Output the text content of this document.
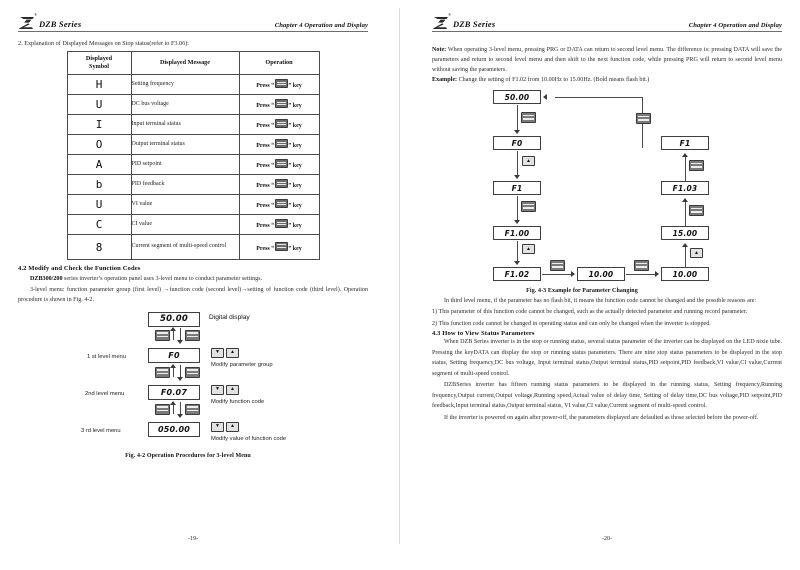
®
DZB Series	Chapter 4 Operation and Display
2. Explanation of Displayed Messages on Stop status(refer to F3.06):
Displayed
Symbol	Displayed Message	Operation
H	Setting frequency	Press “ ” key
U	DC bus voltage	Press “ ” key
I	Input terminal status	Press “ ” key
O	Output terminal status	Press “ ” key
A	PID setpoint	Press “ ” key
b	PID feedback	Press “ ” key
U	VI value	Press “ ” key
C	CI value	Press “ ” key
8	Current segment of multi-speed control	Press “ ” key
4.2 Modify and Check the Function Codes
DZB300/200 series inverter’s operation panel uses 3-level menu to conduct parameter settings.
3-level menu: function parameter group (first level) →function code (second level)→setting of function code (third level). Operation procedure is shown in Fig. 4-2.
50.00	Digital display
1 st level menu	F0	▼	▲
Modify parameter group
2nd level menu	F0.07	▼	▲
Modify function code
3 rd level menu	050.00	▼	▲
Modify value of function code
Fig. 4-2 Operation Procedures for 3-level Menu
-19-
®
DZB Series	Chapter 4 Operation and Display
Note: When operating 3-level menu, pressing PRG or DATA can return to second level menu. The difference is: pressing DATA will save the parameters and return to second level menu and then shift to the next function code, while pressing PRG will return to second level menu without saving the parameters.
Example: Change the setting of F1.02 from 10.00Hz to 15.00Hz. (Bold means flash bit.)
50.00
F0
▲
F1
F1.00
▲
F1.02	10.00	10.00
▲
15.00
F1.03
F1
Fig. 4-3 Example for Parameter Changing
In third level menu, if the parameter has no flash bit, it means the function code cannot be changed and the possible reasons are:
1) This parameter of this function code cannot be changed, such as the actually detected parameter and running record parameter.
2) This function code cannot be changed in operating status and can only be changed when the inverter is stopped.
4.3 How to View Status Parameters
When DZB Series inverter is in the stop or running status, several status parameter of the inverter can be displayed on the LED nixie tube. Pressing the keyDATA can display the stop or running status parameters. There are nine stop status parameters to be displayed in the stop status, Setting frequency,DC bus voltage, Input terminal status,Output terminal status,PID setpoint,PID feedback,VI value,CI value,Current segment of multi-speed control.
DZBSeries inverter has fifteen running status parameters to be displayed in the running status, Setting frequency,Running frequency,Output current,Output voltage,Running speed,Actual value of delay time, Setting of delay time,DC bus voltage,PID setpoint,PID feedback,Input terminal status,Output terminal status, VI value,CI value,Current segment of multi-speed control.
If the inverter is powered on again after power-off, the parameters displayed are defaulted as those selected before the power-off.
-20-
